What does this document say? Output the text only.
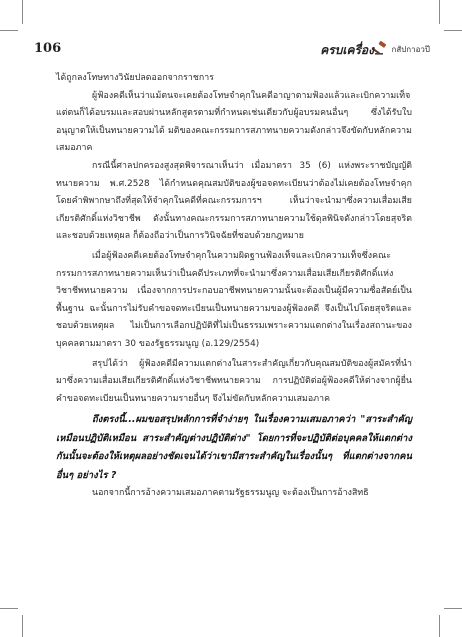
106	ครบเครื่อง กสัปกาอวปี

ได้ถูกลงโทษทางวินัยปลดออกจากราชการ

ผู้ฟ้องคดีเห็นว่าแม้ตนจะเคยต้องโทษจำคุกในคดีอาญาตามฟ้องแล้วและเบิกความเท็จ แต่ตนก็ได้อบรมและสอบผ่านหลักสูตรตามที่กำหนดเช่นเดียวกับผู้อบรมคนอื่นๆ ซึ่งได้รับใบอนุญาตให้เป็นทนายความได้ มติของคณะกรรมการสภาทนายความดังกล่าวจึงขัดกับหลักความเสมอภาค

กรณีนี้ศาลปกครองสูงสุดพิจารณาเห็นว่า เมื่อมาตรา 35 (6) แห่งพระราชบัญญัติทนายความ พ.ศ.2528 ได้กำหนดคุณสมบัติของผู้ขอจดทะเบียนว่าต้องไม่เคยต้องโทษจำคุกโดยคำพิพากษาถึงที่สุดให้จำคุกในคดีที่คณะกรรมการฯ เห็นว่าจะนำมาซึ่งความเสื่อมเสียเกียรติศักดิ์แห่งวิชาชีพ ดังนั้นทางคณะกรรมการสภาทนายความใช้ดุลพินิจดังกล่าวโดยสุจริตและชอบด้วยเหตุผล ก็ต้องถือว่าเป็นการวินิจฉัยที่ชอบด้วยกฎหมาย

เมื่อผู้ฟ้องคดีเคยต้องโทษจำคุกในความผิดฐานฟ้องเท็จและเบิกความเท็จซึ่งคณะกรรมการสภาทนายความเห็นว่าเป็นคดีประเภทที่จะนำมาซึ่งความเสื่อมเสียเกียรติศักดิ์แห่งวิชาชีพทนายความ เนื่องจากการประกอบอาชีพทนายความนั้นจะต้องเป็นผู้มีความซื่อสัตย์เป็นพื้นฐาน ฉะนั้นการไม่รับคำขอจดทะเบียนเป็นทนายความของผู้ฟ้องคดี จึงเป็นไปโดยสุจริตและชอบด้วยเหตุผล ไม่เป็นการเลือกปฏิบัติที่ไม่เป็นธรรมเพราะความแตกต่างในเรื่องสถานะของบุคคลตามมาตรา 30 ของรัฐธรรมนูญ (อ.129/2554)

สรุปได้ว่า ผู้ฟ้องคดีมีความแตกต่างในสาระสำคัญเกี่ยวกับคุณสมบัติของผู้สมัครที่นำมาซึ่งความเสื่อมเสียเกียรติศักดิ์แห่งวิชาชีพทนายความ การปฏิบัติต่อผู้ฟ้องคดีให้ต่างจากผู้ยื่นคำขอจดทะเบียนเป็นทนายความรายอื่นๆ จึงไม่ขัดกับหลักความเสมอภาค

ถึงตรงนี้...ผมขอสรุปหลักการที่จำง่ายๆ ในเรื่องความเสมอภาคว่า "สาระสำคัญเหมือนปฏิบัติเหมือน สาระสำคัญต่างปฏิบัติต่าง" โดยการที่จะปฏิบัติต่อบุคคลให้แตกต่างกันนั้นจะต้องให้เหตุผลอย่างชัดเจนได้ว่าเขามีสาระสำคัญในเรื่องนั้นๆ ที่แตกต่างจากคนอื่นๆ อย่างไร ?

นอกจากนี้การอ้างความเสมอภาคตามรัฐธรรมนูญ จะต้องเป็นการอ้างสิทธิ
